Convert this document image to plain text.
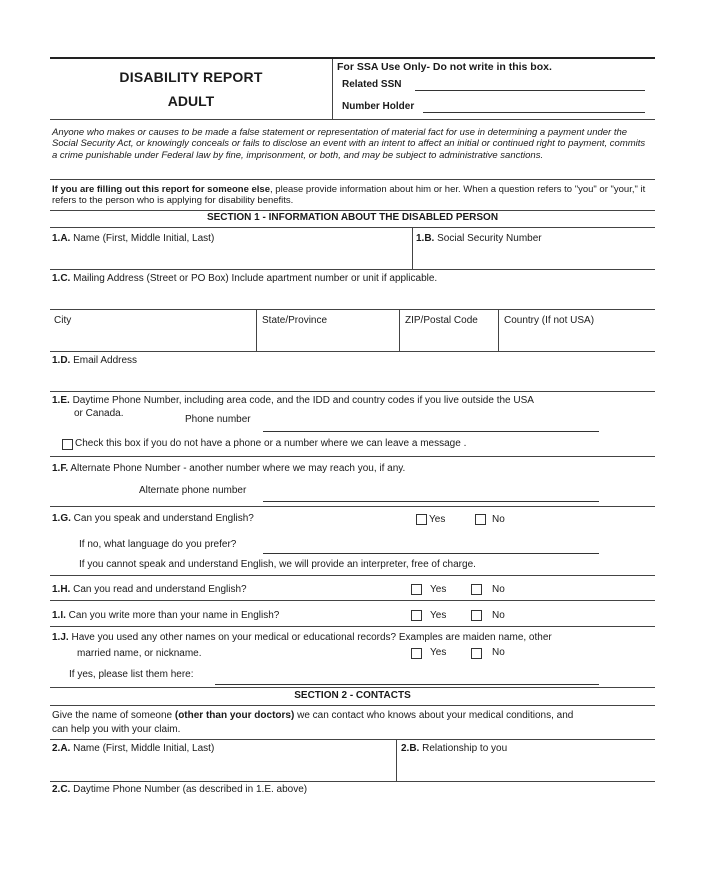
DISABILITY REPORT
ADULT
For SSA Use Only- Do not write in this box.
Related SSN
Number Holder
Anyone who makes or causes to be made a false statement or representation of material fact for use in determining a payment under the Social Security Act, or knowingly conceals or fails to disclose an event with an intent to affect an initial or continued right to payment, commits a crime punishable under Federal law by fine, imprisonment, or both, and may be subject to administrative sanctions.
If you are filling out this report for someone else, please provide information about him or her. When a question refers to "you" or "your," it refers to the person who is applying for disability benefits.
SECTION 1 - INFORMATION ABOUT THE DISABLED PERSON
1.A. Name (First, Middle Initial, Last)	1.B. Social Security Number
1.C. Mailing Address (Street or PO Box) Include apartment number or unit if applicable.
City	State/Province	ZIP/Postal Code	Country (If not USA)
1.D. Email Address
1.E. Daytime Phone Number, including area code, and the IDD and country codes if you live outside the USA
or Canada.
Phone number
Check this box if you do not have a phone or a number where we can leave a message .
1.F. Alternate Phone Number - another number where we may reach you, if any.
Alternate phone number
1.G. Can you speak and understand English?	Yes	No
If no, what language do you prefer?
If you cannot speak and understand English, we will provide an interpreter, free of charge.
1.H. Can you read and understand English?	Yes	No
1.I. Can you write more than your name in English?	Yes	No
1.J. Have you used any other names on your medical or educational records? Examples are maiden name, other
married name, or nickname.	Yes	No
If yes, please list them here:
SECTION 2 - CONTACTS
Give the name of someone (other than your doctors) we can contact who knows about your medical conditions, and
can help you with your claim.
2.A. Name (First, Middle Initial, Last)	2.B. Relationship to you
2.C. Daytime Phone Number (as described in 1.E. above)
